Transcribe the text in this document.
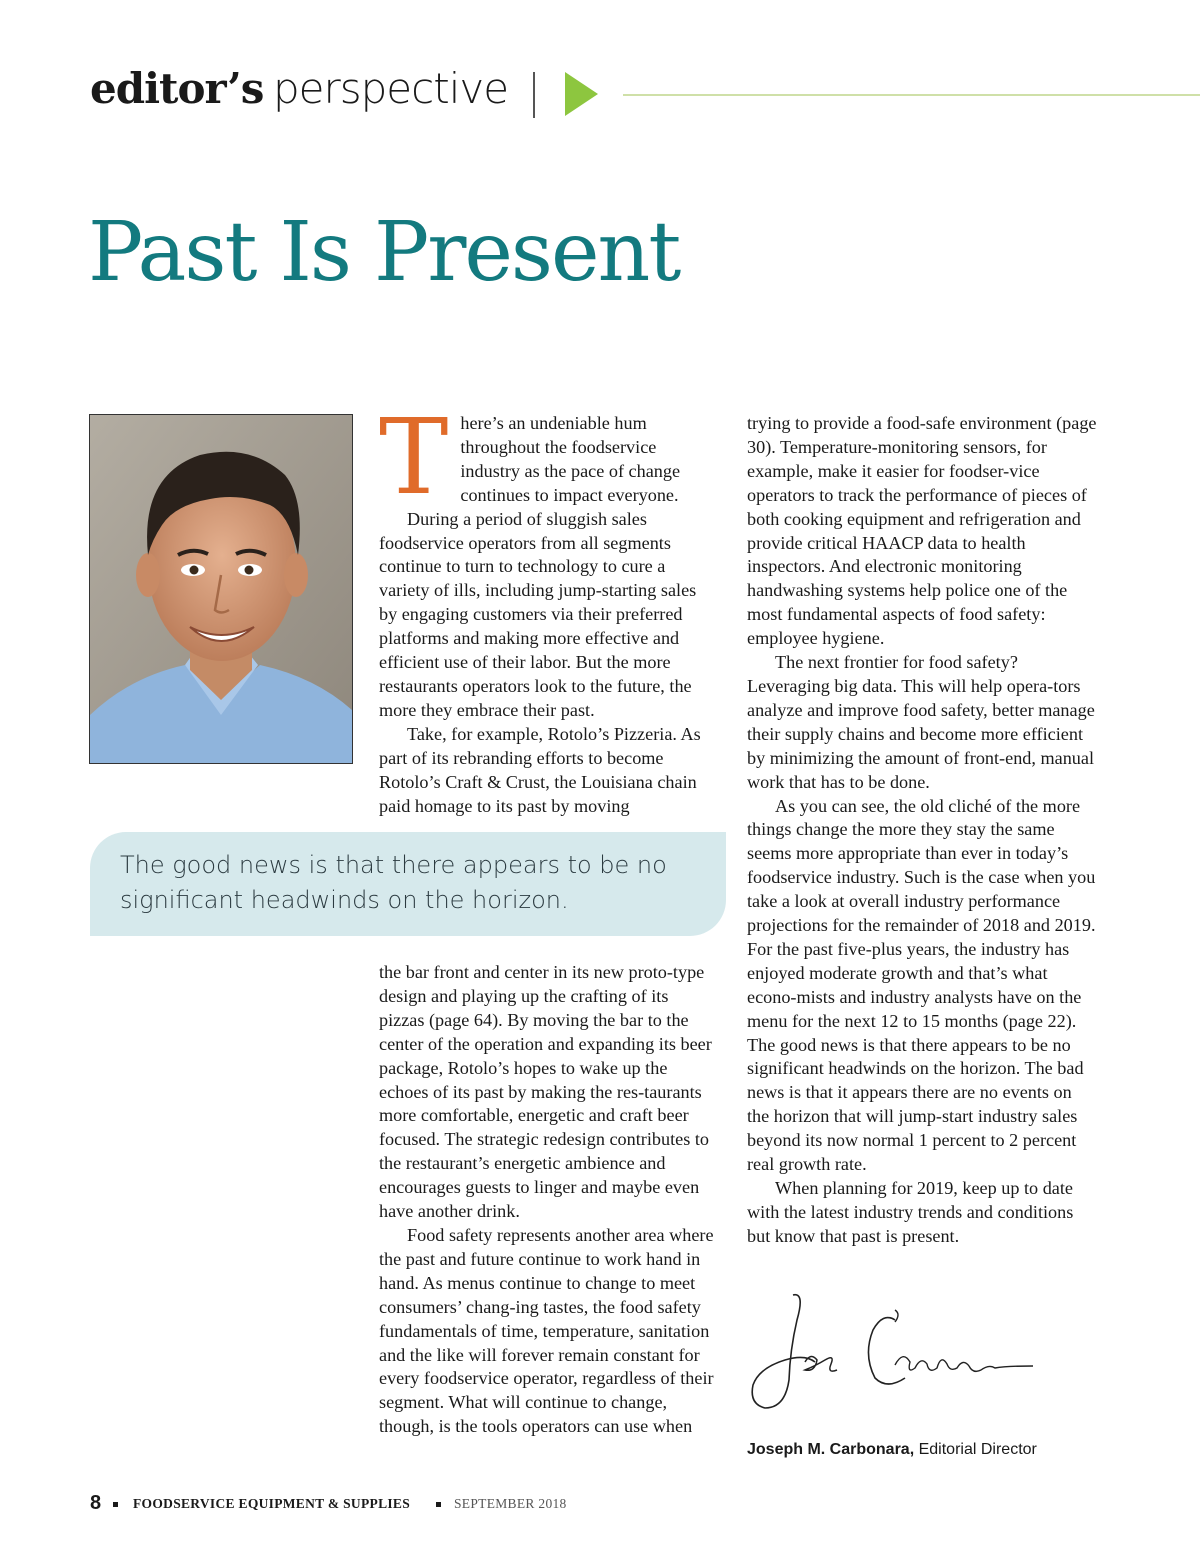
editor’s perspective
Past Is Present

There’s an undeniable hum throughout the foodservice industry as the pace of change continues to impact everyone.

During a period of sluggish sales foodservice operators from all segments continue to turn to technology to cure a variety of ills, including jump-starting sales by engaging customers via their preferred platforms and making more effective and efficient use of their labor. But the more restaurants operators look to the future, the more they embrace their past.

Take, for example, Rotolo’s Pizzeria. As part of its rebranding efforts to become Rotolo’s Craft & Crust, the Louisiana chain paid homage to its past by moving

The good news is that there appears to be no significant headwinds on the horizon.

the bar front and center in its new proto-type design and playing up the crafting of its pizzas (page 64). By moving the bar to the center of the operation and expanding its beer package, Rotolo’s hopes to wake up the echoes of its past by making the res-taurants more comfortable, energetic and craft beer focused. The strategic redesign contributes to the restaurant’s energetic ambience and encourages guests to linger and maybe even have another drink.

Food safety represents another area where the past and future continue to work hand in hand. As menus continue to change to meet consumers’ chang-ing tastes, the food safety fundamentals of time, temperature, sanitation and the like will forever remain constant for every foodservice operator, regardless of their segment. What will continue to change, though, is the tools operators can use when

trying to provide a food-safe environment (page 30). Temperature-monitoring sensors, for example, make it easier for foodser-vice operators to track the performance of pieces of both cooking equipment and refrigeration and provide critical HAACP data to health inspectors. And electronic monitoring handwashing systems help police one of the most fundamental aspects of food safety: employee hygiene.

The next frontier for food safety? Leveraging big data. This will help opera-tors analyze and improve food safety, better manage their supply chains and become more efficient by minimizing the amount of front-end, manual work that has to be done.

As you can see, the old cliché of the more things change the more they stay the same seems more appropriate than ever in today’s foodservice industry. Such is the case when you take a look at overall industry performance projections for the remainder of 2018 and 2019. For the past five-plus years, the industry has enjoyed moderate growth and that’s what econo-mists and industry analysts have on the menu for the next 12 to 15 months (page 22). The good news is that there appears to be no significant headwinds on the horizon. The bad news is that it appears there are no events on the horizon that will jump-start industry sales beyond its now normal 1 percent to 2 percent real growth rate.

When planning for 2019, keep up to date with the latest industry trends and conditions but know that past is present.

Joseph M. Carbonara, Editorial Director
8 FOODSERVICE EQUIPMENT & SUPPLIES	SEPTEMBER 2018
